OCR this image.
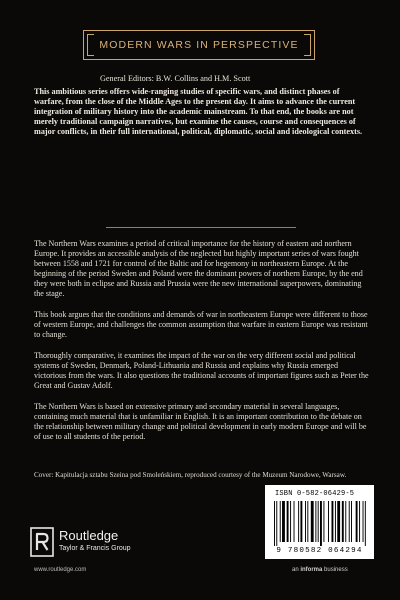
MODERN WARS IN PERSPECTIVE
General Editors: B.W. Collins and H.M. Scott

This ambitious series offers wide-ranging studies of specific wars, and distinct phases of warfare, from the close of the Middle Ages to the present day. It aims to advance the current integration of military history into the academic mainstream. To that end, the books are not merely traditional campaign narratives, but examine the causes, course and consequences of major conflicts, in their full international, political, diplomatic, social and ideological contexts.

The Northern Wars examines a period of critical importance for the history of eastern and northern Europe. It provides an accessible analysis of the neglected but highly important series of wars fought between 1558 and 1721 for control of the Baltic and for hegemony in northeastern Europe. At the beginning of the period Sweden and Poland were the dominant powers of northern Europe, by the end they were both in eclipse and Russia and Prussia were the new international superpowers, dominating the stage.

This book argues that the conditions and demands of war in northeastern Europe were different to those of western Europe, and challenges the common assumption that warfare in eastern Europe was resistant to change.

Thoroughly comparative, it examines the impact of the war on the very different social and political systems of Sweden, Denmark, Poland-Lithuania and Russia and explains why Russia emerged victorious from the wars. It also questions the traditional accounts of important figures such as Peter the Great and Gustav Adolf.

The Northern Wars is based on extensive primary and secondary material in several languages, containing much material that is unfamiliar in English. It is an important contribution to the debate on the relationship between military change and political development in early modern Europe and will be of use to all students of the period.

Cover: Kapitulacja sztabu Szeina pod Smoleńskiem, reproduced courtesy of the Muzeum Narodowe, Warsaw.

Routledge
Taylor & Francis Group
www.routledge.com	an informa business
ISBN 0-582-06429-5
9 780582 064294
